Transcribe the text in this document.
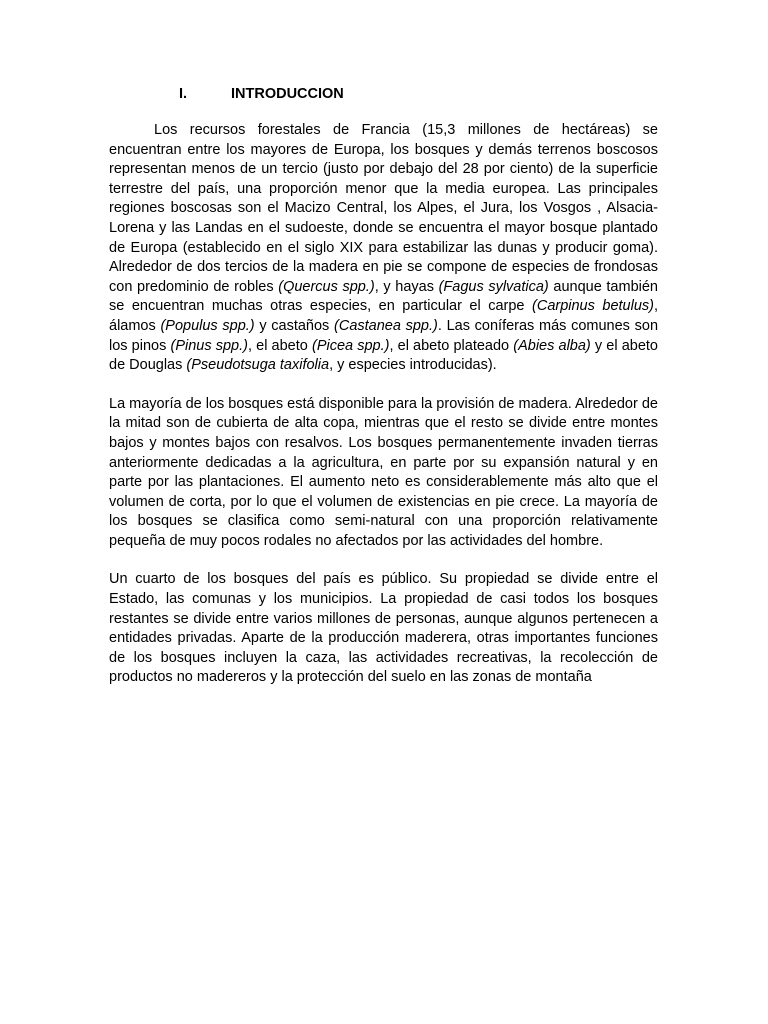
I.	INTRODUCCION

Los recursos forestales de Francia (15,3 millones de hectáreas) se encuentran entre los mayores de Europa, los bosques y demás terrenos boscosos representan menos de un tercio (justo por debajo del 28 por ciento) de la superficie terrestre del país, una proporción menor que la media europea. Las principales regiones boscosas son el Macizo Central, los Alpes, el Jura, los Vosgos , Alsacia-Lorena y las Landas en el sudoeste, donde se encuentra el mayor bosque plantado de Europa (establecido en el siglo XIX para estabilizar las dunas y producir goma). Alrededor de dos tercios de la madera en pie se compone de especies de frondosas con predominio de robles (Quercus spp.), y hayas (Fagus sylvatica) aunque también se encuentran muchas otras especies, en particular el carpe (Carpinus betulus), álamos (Populus spp.) y castaños (Castanea spp.). Las coníferas más comunes son los pinos (Pinus spp.), el abeto (Picea spp.), el abeto plateado (Abies alba) y el abeto de Douglas (Pseudotsuga taxifolia, y especies introducidas).

La mayoría de los bosques está disponible para la provisión de madera. Alrededor de la mitad son de cubierta de alta copa, mientras que el resto se divide entre montes bajos y montes bajos con resalvos. Los bosques permanentemente invaden tierras anteriormente dedicadas a la agricultura, en parte por su expansión natural y en parte por las plantaciones. El aumento neto es considerablemente más alto que el volumen de corta, por lo que el volumen de existencias en pie crece. La mayoría de los bosques se clasifica como semi-natural con una proporción relativamente pequeña de muy pocos rodales no afectados por las actividades del hombre.

Un cuarto de los bosques del país es público. Su propiedad se divide entre el Estado, las comunas y los municipios. La propiedad de casi todos los bosques restantes se divide entre varios millones de personas, aunque algunos pertenecen a entidades privadas. Aparte de la producción maderera, otras importantes funciones de los bosques incluyen la caza, las actividades recreativas, la recolección de productos no madereros y la protección del suelo en las zonas de montaña
